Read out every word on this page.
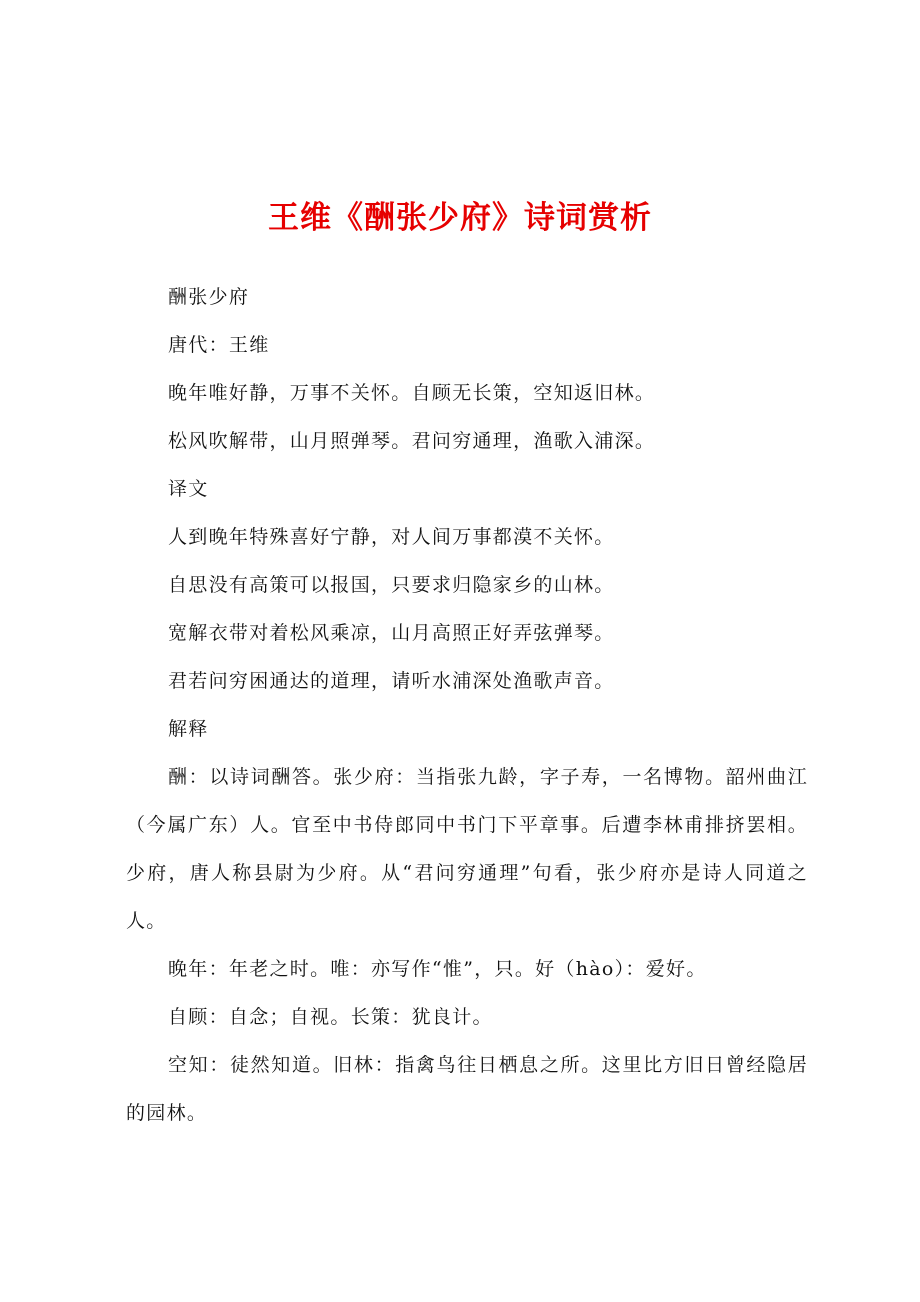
王维《酬张少府》诗词赏析
酬张少府
唐代：王维
晚年唯好静，万事不关怀。自顾无长策，空知返旧林。
松风吹解带，山月照弹琴。君问穷通理，渔歌入浦深。
译文
人到晚年特殊喜好宁静，对人间万事都漠不关怀。
自思没有高策可以报国，只要求归隐家乡的山林。
宽解衣带对着松风乘凉，山月高照正好弄弦弹琴。
君若问穷困通达的道理，请听水浦深处渔歌声音。
解释
酬：以诗词酬答。张少府：当指张九龄，字子寿，一名博物。韶州曲江（今属广东）人。官至中书侍郎同中书门下平章事。后遭李林甫排挤罢相。少府，唐人称县尉为少府。从“君问穷通理”句看，张少府亦是诗人同道之人。
晚年：年老之时。唯：亦写作“惟”，只。好（hào）：爱好。
自顾：自念；自视。长策：犹良计。
空知：徒然知道。旧林：指禽鸟往日栖息之所。这里比方旧日曾经隐居的园林。
